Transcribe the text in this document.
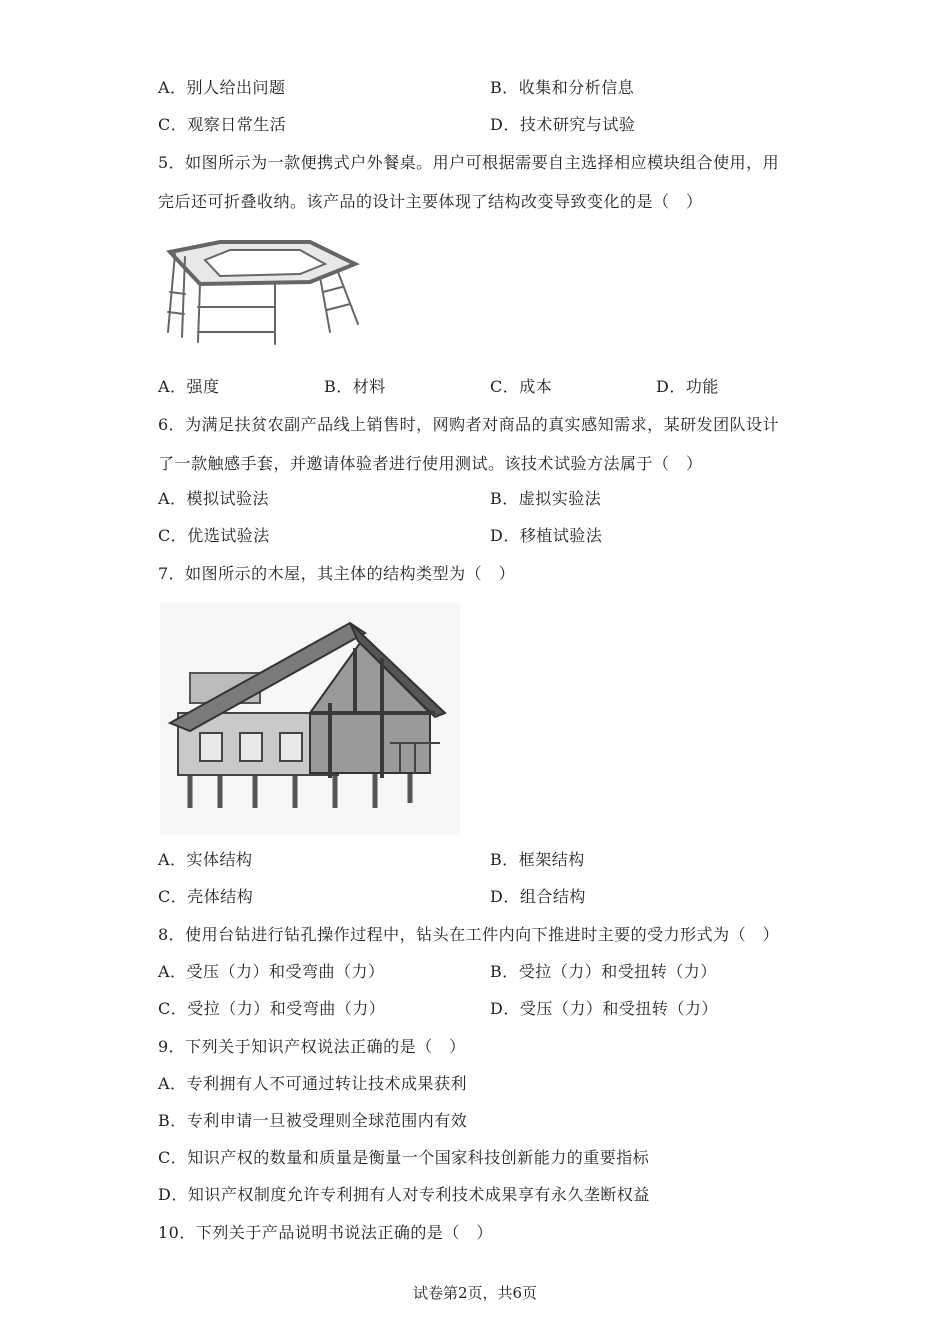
A．别人给出问题	B．收集和分析信息
C．观察日常生活	D．技术研究与试验
5．如图所示为一款便携式户外餐桌。用户可根据需要自主选择相应模块组合使用，用
完后还可折叠收纳。该产品的设计主要体现了结构改变导致变化的是（　）
A．强度	B．材料	C．成本	D．功能
6．为满足扶贫农副产品线上销售时，网购者对商品的真实感知需求，某研发团队设计
了一款触感手套，并邀请体验者进行使用测试。该技术试验方法属于（　）
A．模拟试验法	B．虚拟实验法
C．优选试验法	D．移植试验法
7．如图所示的木屋，其主体的结构类型为（　）
A．实体结构	B．框架结构
C．壳体结构	D．组合结构
8．使用台钻进行钻孔操作过程中，钻头在工件内向下推进时主要的受力形式为（　）
A．受压（力）和受弯曲（力）	B．受拉（力）和受扭转（力）
C．受拉（力）和受弯曲（力）	D．受压（力）和受扭转（力）
9．下列关于知识产权说法正确的是（　）
A．专利拥有人不可通过转让技术成果获利
B．专利申请一旦被受理则全球范围内有效
C．知识产权的数量和质量是衡量一个国家科技创新能力的重要指标
D．知识产权制度允许专利拥有人对专利技术成果享有永久垄断权益
10．下列关于产品说明书说法正确的是（　）
试卷第2页，共6页
